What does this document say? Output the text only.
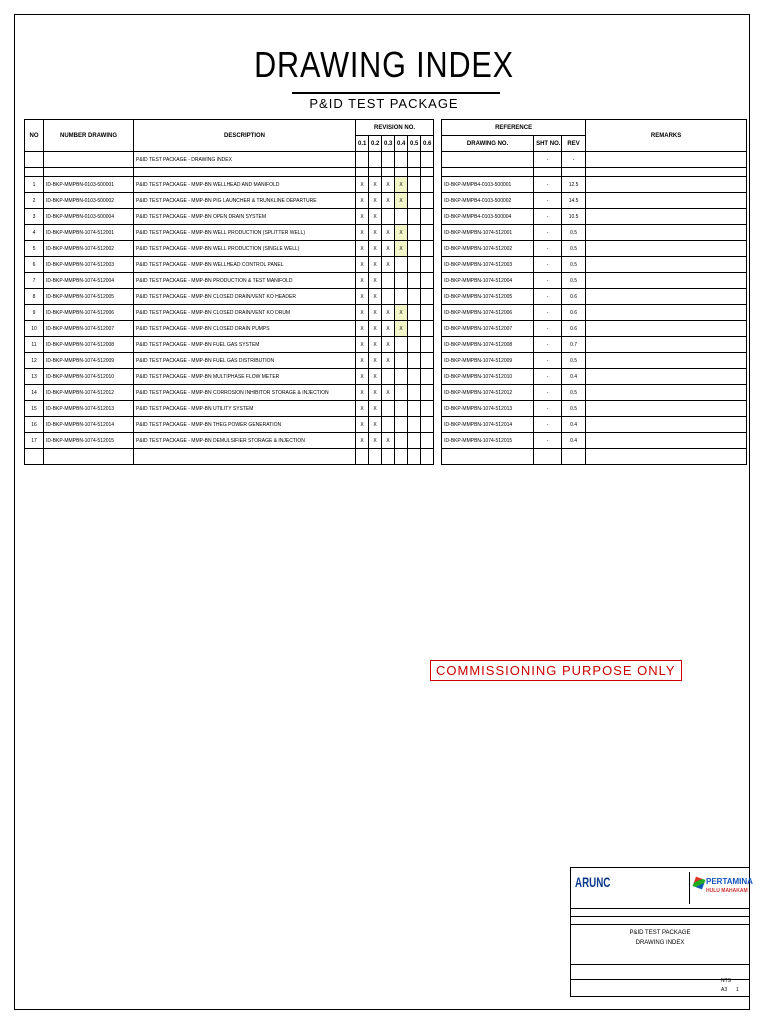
DRAWING INDEX
P&ID TEST PACKAGE
NO	NUMBER DRAWING	DESCRIPTION	REVISION NO.							REFERENCE			REMARKS
			0.1	0.2	0.3	0.4	0.5	0.6		DRAWING NO.	SHT NO.	REV	
		P&ID TEST PACKAGE - DRAWING INDEX									-	-	

1	ID-BKP-MMPBN-0103-500001	P&ID TEST PACKAGE - MMP-BN WELLHEAD AND MANIFOLD	X	X	X	X				ID-BKP-MMPB4-0103-500001	-	12.5	
2	ID-BKP-MMPBN-0103-500002	P&ID TEST PACKAGE - MMP-BN PIG LAUNCHER & TRUNKLINE DEPARTURE	X	X	X	X				ID-BKP-MMPB4-0103-500002	-	14.5	
3	ID-BKP-MMPBN-0103-500004	P&ID TEST PACKAGE - MMP-BN OPEN DRAIN SYSTEM	X	X						ID-BKP-MMPB4-0103-500004	-	10.5	
4	ID-BKP-MMPBN-1074-512001	P&ID TEST PACKAGE - MMP-BN WELL PRODUCTION (SPLITTER WELL)	X	X	X	X				ID-BKP-MMPBN-1074-512001	-	0.5	
5	ID-BKP-MMPBN-1074-512002	P&ID TEST PACKAGE - MMP-BN WELL PRODUCTION (SINGLE WELL)	X	X	X	X				ID-BKP-MMPBN-1074-512002	-	0.5	
6	ID-BKP-MMPBN-1074-512003	P&ID TEST PACKAGE - MMP-BN WELLHEAD CONTROL PANEL	X	X	X					ID-BKP-MMPBN-1074-512003	-	0.5	
7	ID-BKP-MMPBN-1074-512004	P&ID TEST PACKAGE - MMP-BN PRODUCTION & TEST MANIFOLD	X	X						ID-BKP-MMPBN-1074-512004	-	0.5	
8	ID-BKP-MMPBN-1074-512005	P&ID TEST PACKAGE - MMP-BN CLOSED DRAIN/VENT KO HEADER	X	X						ID-BKP-MMPBN-1074-512005	-	0.6	
9	ID-BKP-MMPBN-1074-512006	P&ID TEST PACKAGE - MMP-BN CLOSED DRAIN/VENT KO DRUM	X	X	X	X				ID-BKP-MMPBN-1074-512006	-	0.6	
10	ID-BKP-MMPBN-1074-512007	P&ID TEST PACKAGE - MMP-BN CLOSED DRAIN PUMPS	X	X	X	X				ID-BKP-MMPBN-1074-512007	-	0.6	
11	ID-BKP-MMPBN-1074-512008	P&ID TEST PACKAGE - MMP-BN FUEL GAS SYSTEM	X	X	X					ID-BKP-MMPBN-1074-512008	-	0.7	
12	ID-BKP-MMPBN-1074-512009	P&ID TEST PACKAGE - MMP-BN FUEL GAS DISTRIBUTION	X	X	X					ID-BKP-MMPBN-1074-512009	-	0.5	
13	ID-BKP-MMPBN-1074-512010	P&ID TEST PACKAGE - MMP-BN MULTIPHASE FLOW METER	X	X						ID-BKP-MMPBN-1074-512010	-	0.4	
14	ID-BKP-MMPBN-1074-512012	P&ID TEST PACKAGE - MMP-BN CORROSION INHIBITOR STORAGE & INJECTION	X	X	X					ID-BKP-MMPBN-1074-512012	-	0.5	
15	ID-BKP-MMPBN-1074-512013	P&ID TEST PACKAGE - MMP-BN UTILITY SYSTEM	X	X						ID-BKP-MMPBN-1074-512013	-	0.5	
16	ID-BKP-MMPBN-1074-512014	P&ID TEST PACKAGE - MMP-BN THEG POWER GENERATION	X	X						ID-BKP-MMPBN-1074-512014	-	0.4	
17	ID-BKP-MMPBN-1074-512015	P&ID TEST PACKAGE - MMP-BN DEMULSIFIER STORAGE & INJECTION	X	X	X					ID-BKP-MMPBN-1074-512015	-	0.4	

COMMISSIONING PURPOSE ONLY
ARUNC	PERTAMINA
HULU MAHAKAM
P&ID TEST PACKAGE
DRAWING INDEX
NTS
A3 1
